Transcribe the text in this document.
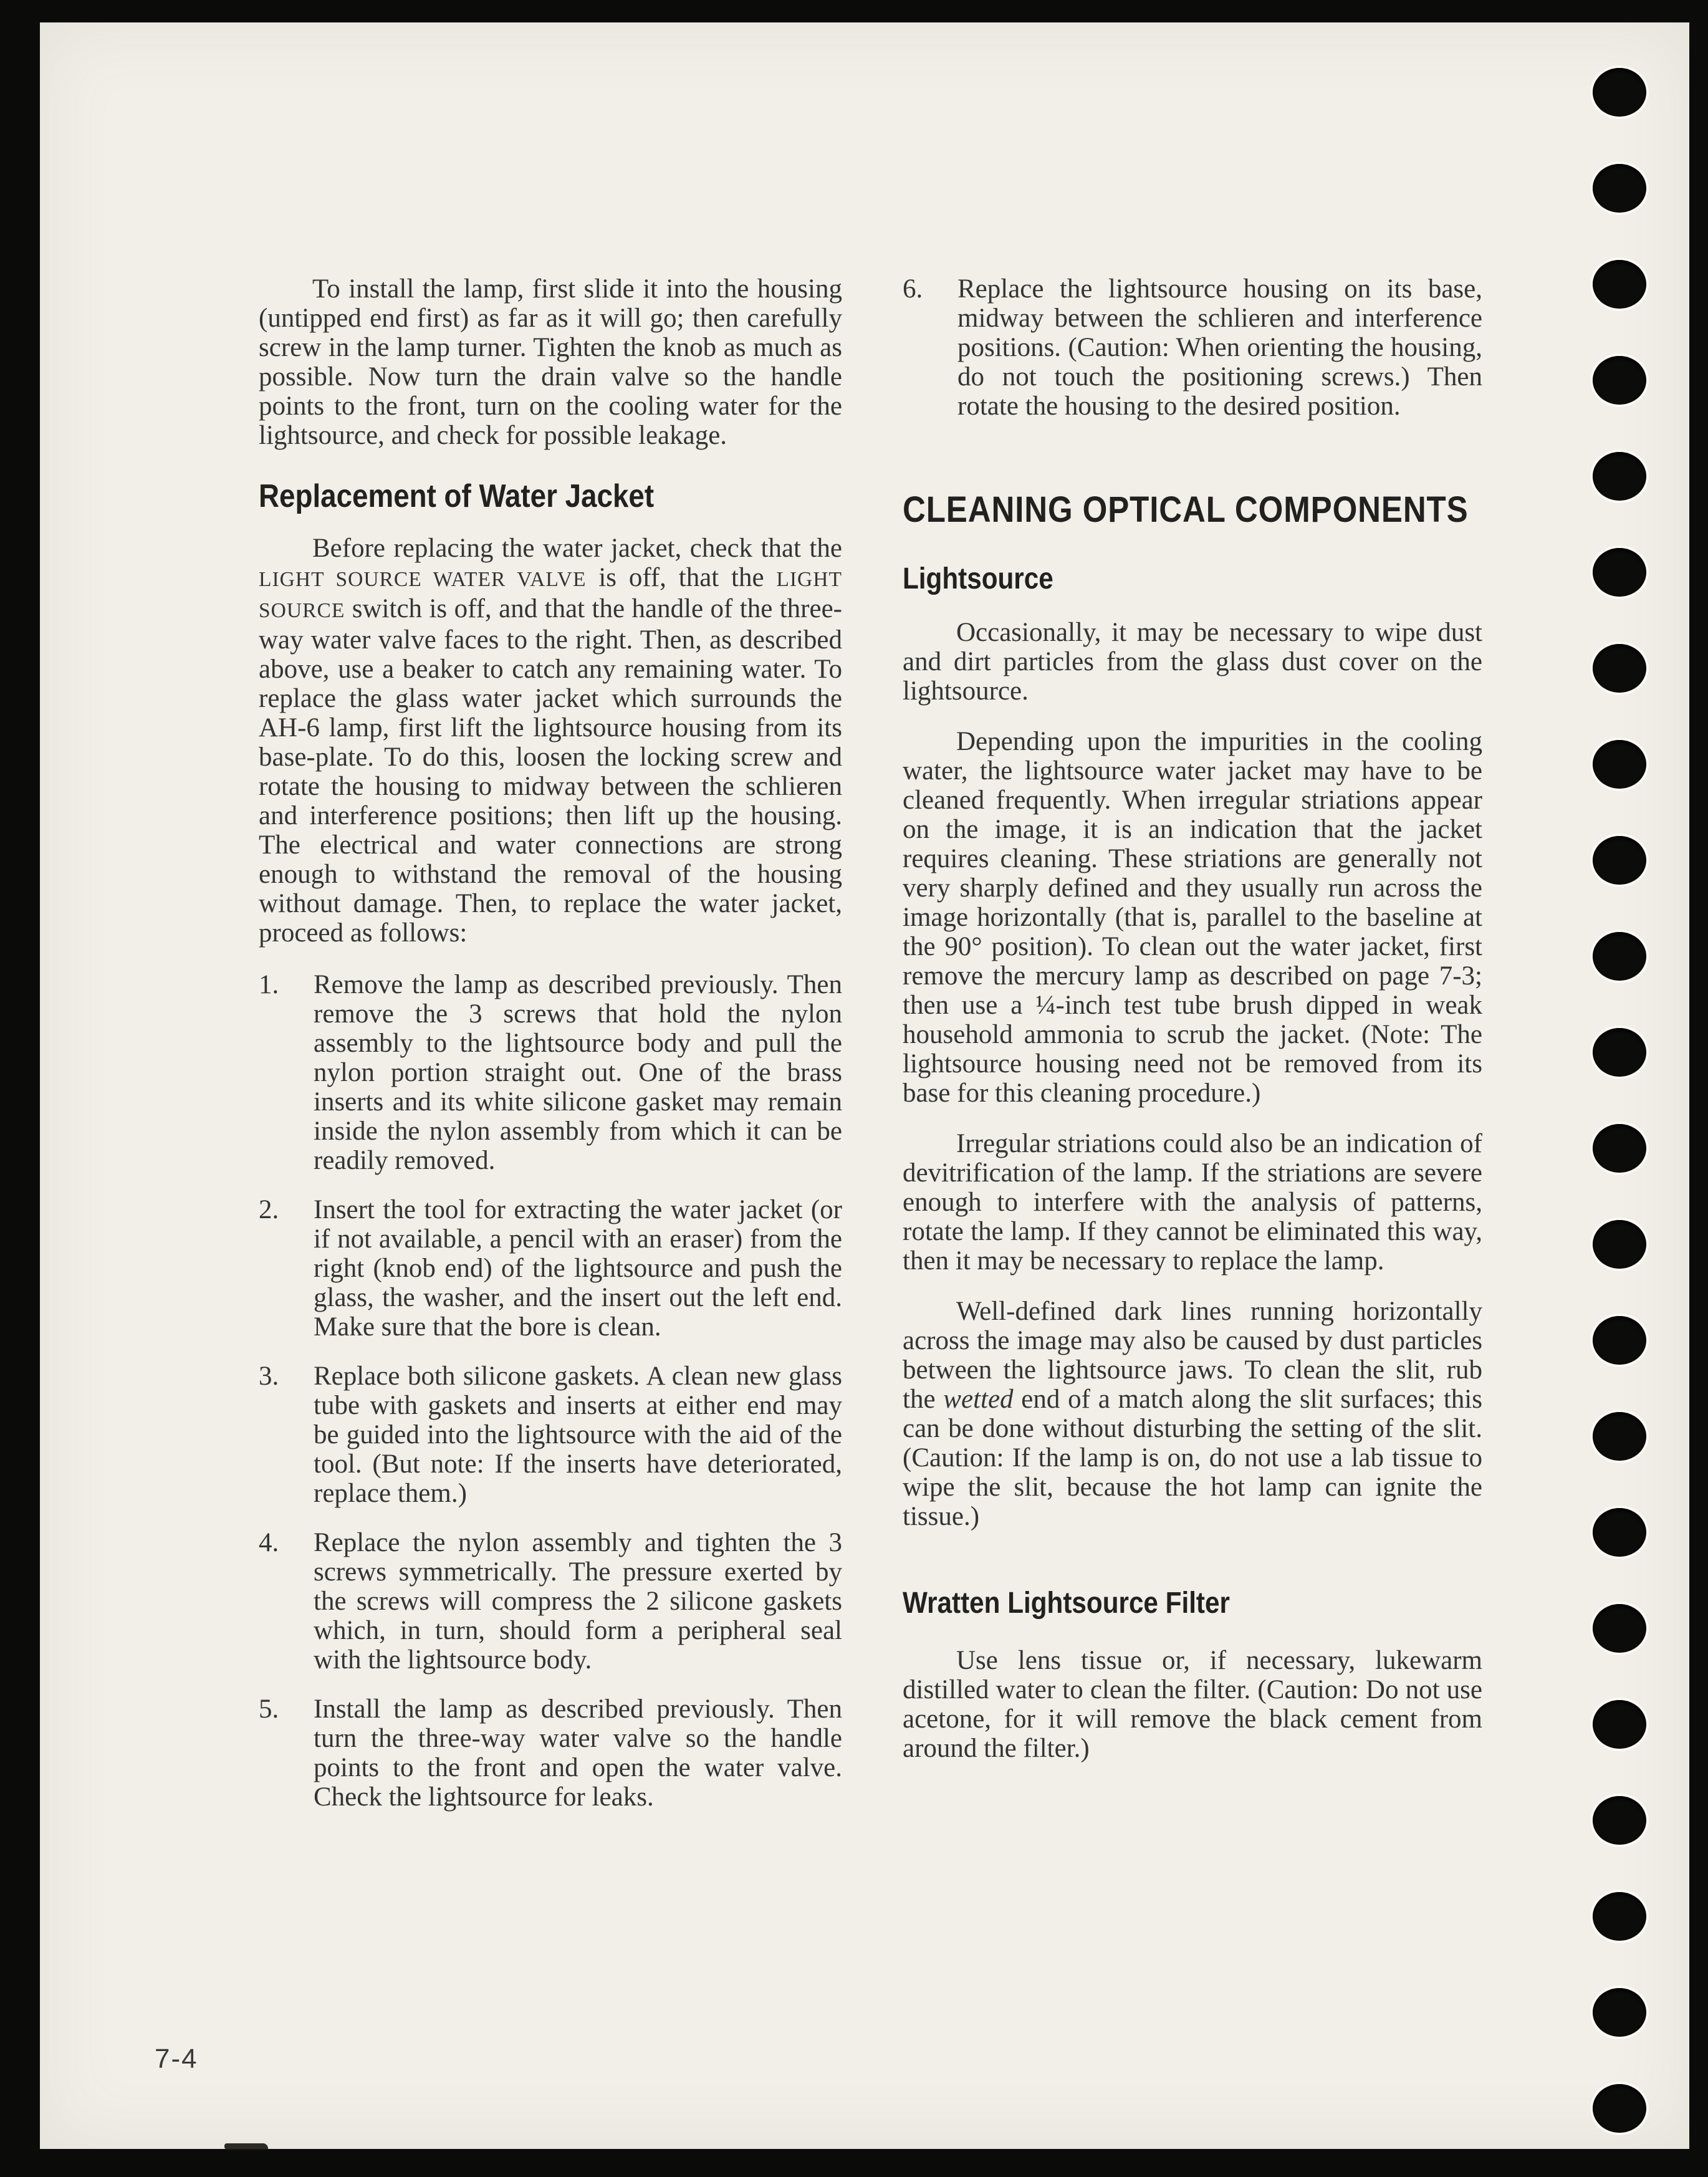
To install the lamp, first slide it into the housing (untipped end first) as far as it will go; then carefully screw in the lamp turner. Tighten the knob as much as possible. Now turn the drain valve so the handle points to the front, turn on the cooling water for the lightsource, and check for possible leakage.

Replacement of Water Jacket

Before replacing the water jacket, check that the LIGHT SOURCE WATER VALVE is off, that the LIGHT SOURCE switch is off, and that the handle of the three-way water valve faces to the right. Then, as described above, use a beaker to catch any remaining water. To replace the glass water jacket which surrounds the AH-6 lamp, first lift the lightsource housing from its base-plate. To do this, loosen the locking screw and rotate the housing to midway between the schlieren and interference positions; then lift up the housing. The electrical and water connections are strong enough to withstand the removal of the housing without damage. Then, to replace the water jacket, proceed as follows:

1. Remove the lamp as described previously. Then remove the 3 screws that hold the nylon assembly to the lightsource body and pull the nylon portion straight out. One of the brass inserts and its white silicone gasket may remain inside the nylon assembly from which it can be readily removed.
2. Insert the tool for extracting the water jacket (or if not available, a pencil with an eraser) from the right (knob end) of the lightsource and push the glass, the washer, and the insert out the left end. Make sure that the bore is clean.
3. Replace both silicone gaskets. A clean new glass tube with gaskets and inserts at either end may be guided into the lightsource with the aid of the tool. (But note: If the inserts have deteriorated, replace them.)
4. Replace the nylon assembly and tighten the 3 screws symmetrically. The pressure exerted by the screws will compress the 2 silicone gaskets which, in turn, should form a peripheral seal with the lightsource body.
5. Install the lamp as described previously. Then turn the three-way water valve so the handle points to the front and open the water valve. Check the lightsource for leaks.
6. Replace the lightsource housing on its base, midway between the schlieren and interference positions. (Caution: When orienting the housing, do not touch the positioning screws.) Then rotate the housing to the desired position.
CLEANING OPTICAL COMPONENTS
Lightsource

Occasionally, it may be necessary to wipe dust and dirt particles from the glass dust cover on the lightsource.

Depending upon the impurities in the cooling water, the lightsource water jacket may have to be cleaned frequently. When irregular striations appear on the image, it is an indication that the jacket requires cleaning. These striations are generally not very sharply defined and they usually run across the image horizontally (that is, parallel to the baseline at the 90° position). To clean out the water jacket, first remove the mercury lamp as described on page 7-3; then use a ¼-inch test tube brush dipped in weak household ammonia to scrub the jacket. (Note: The lightsource housing need not be removed from its base for this cleaning procedure.)

Irregular striations could also be an indication of devitrification of the lamp. If the striations are severe enough to interfere with the analysis of patterns, rotate the lamp. If they cannot be eliminated this way, then it may be necessary to replace the lamp.

Well-defined dark lines running horizontally across the image may also be caused by dust particles between the lightsource jaws. To clean the slit, rub the wetted end of a match along the slit surfaces; this can be done without disturbing the setting of the slit. (Caution: If the lamp is on, do not use a lab tissue to wipe the slit, because the hot lamp can ignite the tissue.)

Wratten Lightsource Filter

Use lens tissue or, if necessary, lukewarm distilled water to clean the filter. (Caution: Do not use acetone, for it will remove the black cement from around the filter.)

7-4
